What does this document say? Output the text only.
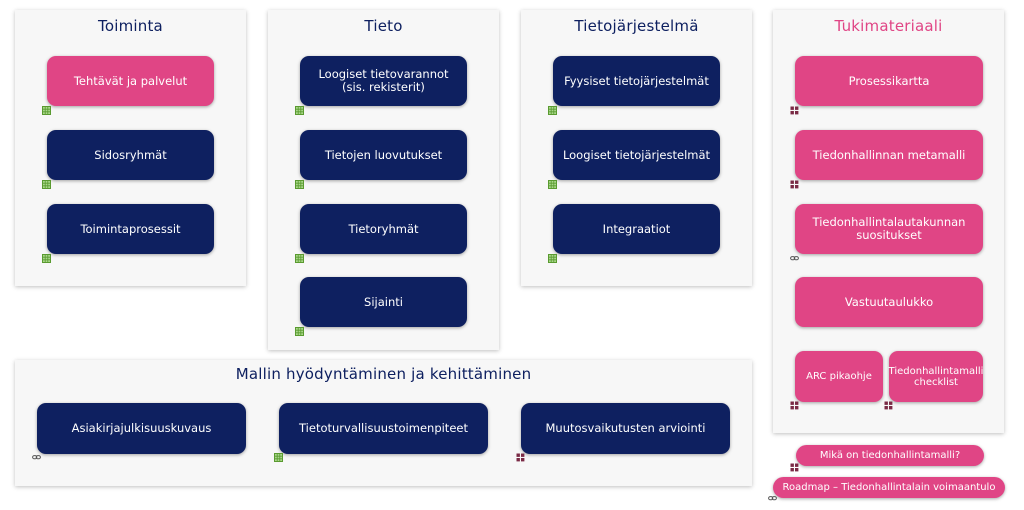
Toiminta	Tieto	Tietojärjestelmä	Tukimateriaali
Mallin hyödyntäminen ja kehittäminen
Tehtävät ja palvelut
Sidosryhmät
Toimintaprosessit
Loogiset tietovarannot (sis. rekisterit)
Tietojen luovutukset
Tietoryhmät
Sijainti
Fyysiset tietojärjestelmät
Loogiset tietojärjestelmät
Integraatiot
Prosessikartta
Tiedonhallinnan metamalli
Tiedonhallintalautakunnan suositukset
Vastuutaulukko
ARC pikaohje Tiedonhallintamalli checklist
Asiakirjajulkisuuskuvaus	Tietoturvallisuustoimenpiteet	Muutosvaikutusten arviointi
Mikä on tiedonhallintamalli?
Roadmap – Tiedonhallintalain voimaantulo
